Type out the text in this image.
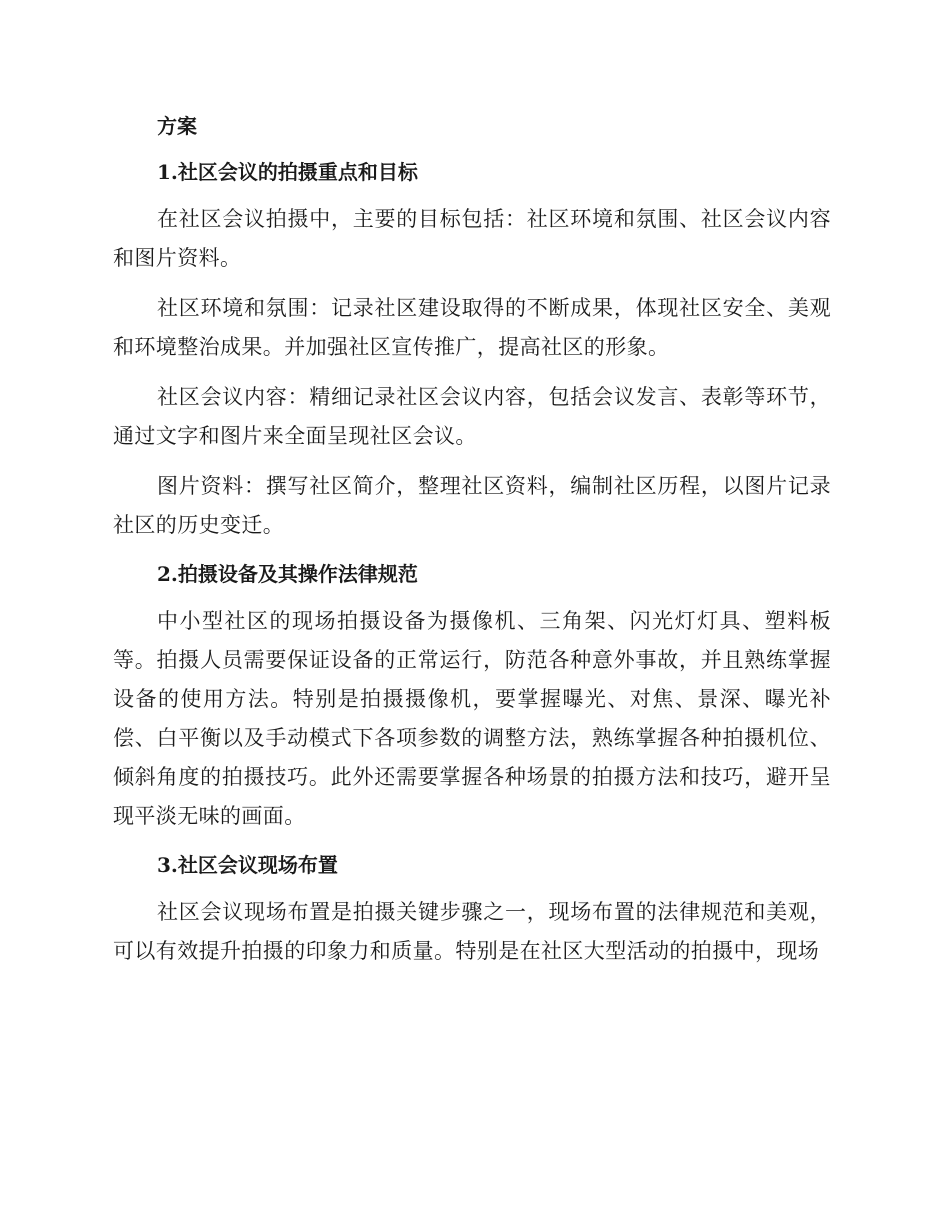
方案
1.社区会议的拍摄重点和目标

在社区会议拍摄中，主要的目标包括：社区环境和氛围、社区会议内容和图片资料。

社区环境和氛围：记录社区建设取得的不断成果，体现社区安全、美观和环境整治成果。并加强社区宣传推广，提高社区的形象。

社区会议内容：精细记录社区会议内容，包括会议发言、表彰等环节，通过文字和图片来全面呈现社区会议。

图片资料：撰写社区简介，整理社区资料，编制社区历程，以图片记录社区的历史变迁。

2.拍摄设备及其操作法律规范

中小型社区的现场拍摄设备为摄像机、三角架、闪光灯灯具、塑料板等。拍摄人员需要保证设备的正常运行，防范各种意外事故，并且熟练掌握设备的使用方法。特别是拍摄摄像机，要掌握曝光、对焦、景深、曝光补偿、白平衡以及手动模式下各项参数的调整方法，熟练掌握各种拍摄机位、倾斜角度的拍摄技巧。此外还需要掌握各种场景的拍摄方法和技巧，避开呈现平淡无味的画面。

3.社区会议现场布置

社区会议现场布置是拍摄关键步骤之一，现场布置的法律规范和美观，可以有效提升拍摄的印象力和质量。特别是在社区大型活动的拍摄中，现场
